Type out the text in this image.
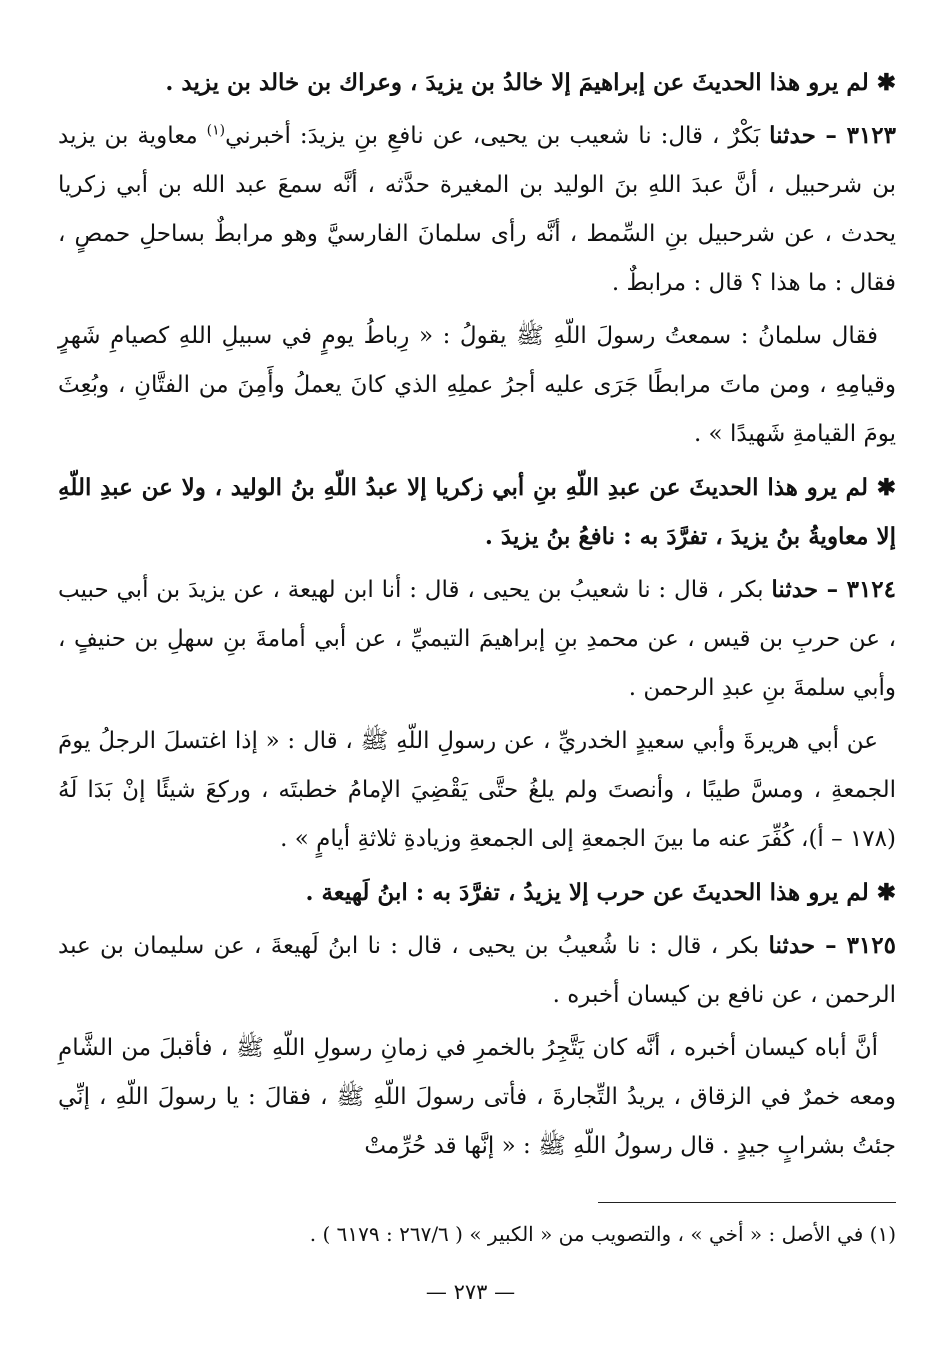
✱ لم يرو هذا الحديثَ عن إبراهيمَ إلا خالدُ بن يزيدَ ، وعراك بن خالد بن يزيد .
٣١٢٣ – حدثنا بَكْرٌ ، قال: نا شعيب بن يحيى، عن نافعِ بنِ يزيدَ: أخبرني$^{(١)}$ معاوية بن يزيد بن شرحبيل ، أنَّ عبدَ اللهِ بنَ الوليد بن المغيرة حدَّثه ، أنَّه سمعَ عبد الله بن أبي زكريا يحدث ، عن شرحبيل بنِ السِّمط ، أنَّه رأى سلمانَ الفارسيَّ وهو مرابطٌ بساحلِ حمصٍ ، فقال : ما هذا ؟ قال : مرابطٌ .
فقال سلمانُ : سمعتُ رسولَ اللّهِ ﷺ يقولُ : « رِباطُ يومٍ في سبيلِ اللهِ كصيامِ شَهرٍ وقيامِهِ ، ومن ماتَ مرابطًا جَرَى عليه أجرُ عملِهِ الذي كانَ يعملُ وأَمِنَ من الفتَّانِ ، وبُعِثَ يومَ القيامةِ شَهيدًا » .
✱ لم يرو هذا الحديثَ عن عبدِ اللّهِ بنِ أبي زكريا إلا عبدُ اللّهِ بنُ الوليد ، ولا عن عبدِ اللّهِ إلا معاويةُ بنُ يزيدَ ، تفرَّدَ به : نافعُ بنُ يزيدَ .
٣١٢٤ – حدثنا بكر ، قال : نا شعيبُ بن يحيى ، قال : أنا ابن لهيعة ، عن يزيدَ بن أبي حبيب ، عن حربِ بن قيس ، عن محمدِ بنِ إبراهيمَ التيميِّ ، عن أبي أمامةَ بنِ سهلِ بن حنيفٍ ، وأبي سلمةَ بنِ عبدِ الرحمن .
عن أبي هريرةَ وأبي سعيدٍ الخدريِّ ، عن رسولِ اللّهِ ﷺ ، قال : « إذا اغتسلَ الرجلُ يومَ الجمعةِ ، ومسَّ طيبًا ، وأنصتَ ولم يلغُ حتَّى يَقْضِيَ الإمامُ خطبتَه ، وركعَ شيئًا إنْ بَدَا لَهُ (١٧٨ – أ)، كُفِّرَ عنه ما بينَ الجمعةِ إلى الجمعةِ وزيادةِ ثلاثةِ أيامٍ » .
✱ لم يرو هذا الحديثَ عن حرب إلا يزيدُ ، تفرَّدَ به : ابنُ لَهيعة .
٣١٢٥ – حدثنا بكر ، قال : نا شُعيبُ بن يحيى ، قال : نا ابنُ لَهيعةَ ، عن سليمان بن عبد الرحمن ، عن نافع بن كيسان أخبره .
أنَّ أباه كيسان أخبره ، أنَّه كان يَتَّجِرُ بالخمرِ في زمانِ رسولِ اللّهِ ﷺ ، فأقبلَ من الشَّامِ ومعه خمرٌ في الزقاق ، يريدُ التِّجارةَ ، فأتى رسولَ اللّهِ ﷺ ، فقالَ : يا رسولَ اللّهِ ، إنِّي جئتُ بشرابٍ جيدٍ . قال رسولُ اللّهِ ﷺ : « إنَّها قد حُرِّمتْ
(١) في الأصل : « أخي » ، والتصويب من « الكبير » ( ٢٦٧/٦ : ٦١٧٩ ) .
— ٢٧٣ —
